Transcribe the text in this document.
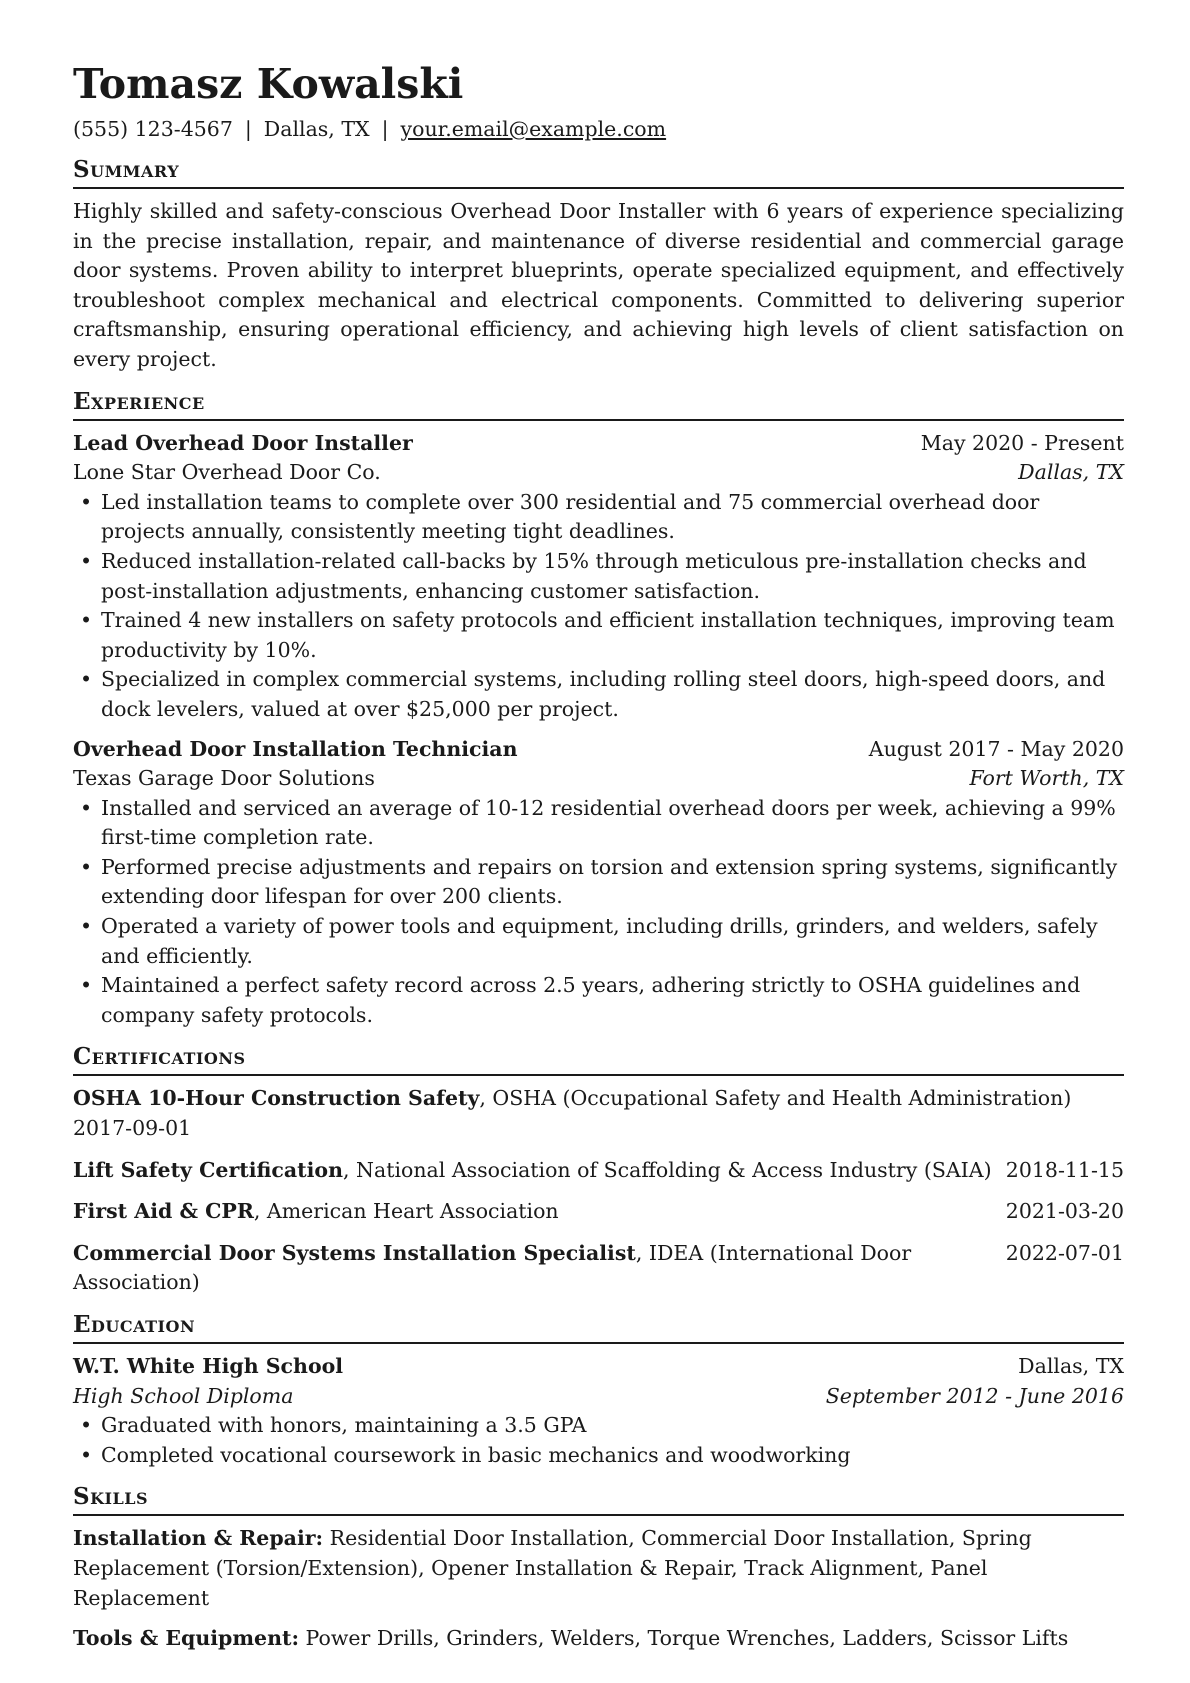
Tomasz Kowalski
(555) 123-4567 | Dallas, TX | your.email@example.com
Summary

Highly skilled and safety-conscious Overhead Door Installer with 6 years of experience specializing in the precise installation, repair, and maintenance of diverse residential and commercial garage door systems. Proven ability to interpret blueprints, operate specialized equipment, and effectively troubleshoot complex mechanical and electrical components. Committed to delivering superior craftsmanship, ensuring operational efficiency, and achieving high levels of client satisfaction on every project.

Experience
Lead Overhead Door Installer	May 2020 - Present
Lone Star Overhead Door Co.	Dallas, TX
• Led installation teams to complete over 300 residential and 75 commercial overhead door projects annually, consistently meeting tight deadlines.
• Reduced installation-related call-backs by 15% through meticulous pre-installation checks and post-installation adjustments, enhancing customer satisfaction.
• Trained 4 new installers on safety protocols and efficient installation techniques, improving team productivity by 10%.
• Specialized in complex commercial systems, including rolling steel doors, high-speed doors, and dock levelers, valued at over $25,000 per project.
Overhead Door Installation Technician	August 2017 - May 2020
Texas Garage Door Solutions	Fort Worth, TX
• Installed and serviced an average of 10-12 residential overhead doors per week, achieving a 99% first-time completion rate.
• Performed precise adjustments and repairs on torsion and extension spring systems, significantly extending door lifespan for over 200 clients.
• Operated a variety of power tools and equipment, including drills, grinders, and welders, safely and efficiently.
• Maintained a perfect safety record across 2.5 years, adhering strictly to OSHA guidelines and company safety protocols.
Certifications
OSHA 10-Hour Construction Safety, OSHA (Occupational Safety and Health Administration)
2017-09-01
Lift Safety Certification, National Association of Scaffolding & Access Industry (SAIA) 2018-11-15
First Aid & CPR, American Heart Association	2021-03-20
Commercial Door Systems Installation Specialist, IDEA (International Door Association)
2022-07-01
Education
W.T. White High School	Dallas, TX
High School Diploma	September 2012 - June 2016
• Graduated with honors, maintaining a 3.5 GPA
• Completed vocational coursework in basic mechanics and woodworking
Skills
Installation & Repair: Residential Door Installation, Commercial Door Installation, Spring Replacement (Torsion/Extension), Opener Installation & Repair, Track Alignment, Panel Replacement
Tools & Equipment: Power Drills, Grinders, Welders, Torque Wrenches, Ladders, Scissor Lifts
